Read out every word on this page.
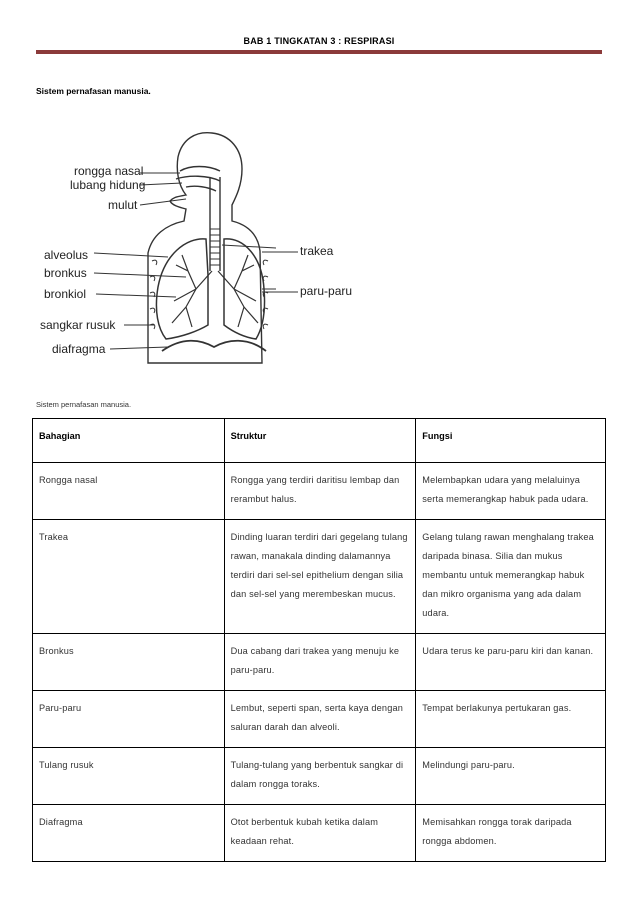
BAB 1 TINGKATAN 3 : RESPIRASI
Sistem pernafasan manusia.
rongga nasal
lubang hidung
mulut
alveolus
bronkus
bronkiol
sangkar rusuk
diafragma
trakea
paru-paru
Sistem pernafasan manusia.
Bahagian	Struktur	Fungsi
Rongga nasal	Rongga yang terdiri daritisu lembap dan rerambut halus.	Melembapkan udara yang melaluinya serta memerangkap habuk pada udara.
Trakea	Dinding luaran terdiri dari gegelang tulang rawan, manakala dinding dalamannya terdiri dari sel-sel epithelium dengan silia dan sel-sel yang merembeskan mucus.	Gelang tulang rawan menghalang trakea daripada binasa. Silia dan mukus membantu untuk memerangkap habuk dan mikro organisma yang ada dalam udara.
Bronkus	Dua cabang dari trakea yang menuju ke paru-paru.	Udara terus ke paru-paru kiri dan kanan.
Paru-paru	Lembut, seperti span, serta kaya dengan saluran darah dan alveoli.	Tempat berlakunya pertukaran gas.
Tulang rusuk	Tulang-tulang yang berbentuk sangkar di dalam rongga toraks.	Melindungi paru-paru.
Diafragma	Otot berbentuk kubah ketika dalam keadaan rehat.	Memisahkan rongga torak daripada rongga abdomen.
